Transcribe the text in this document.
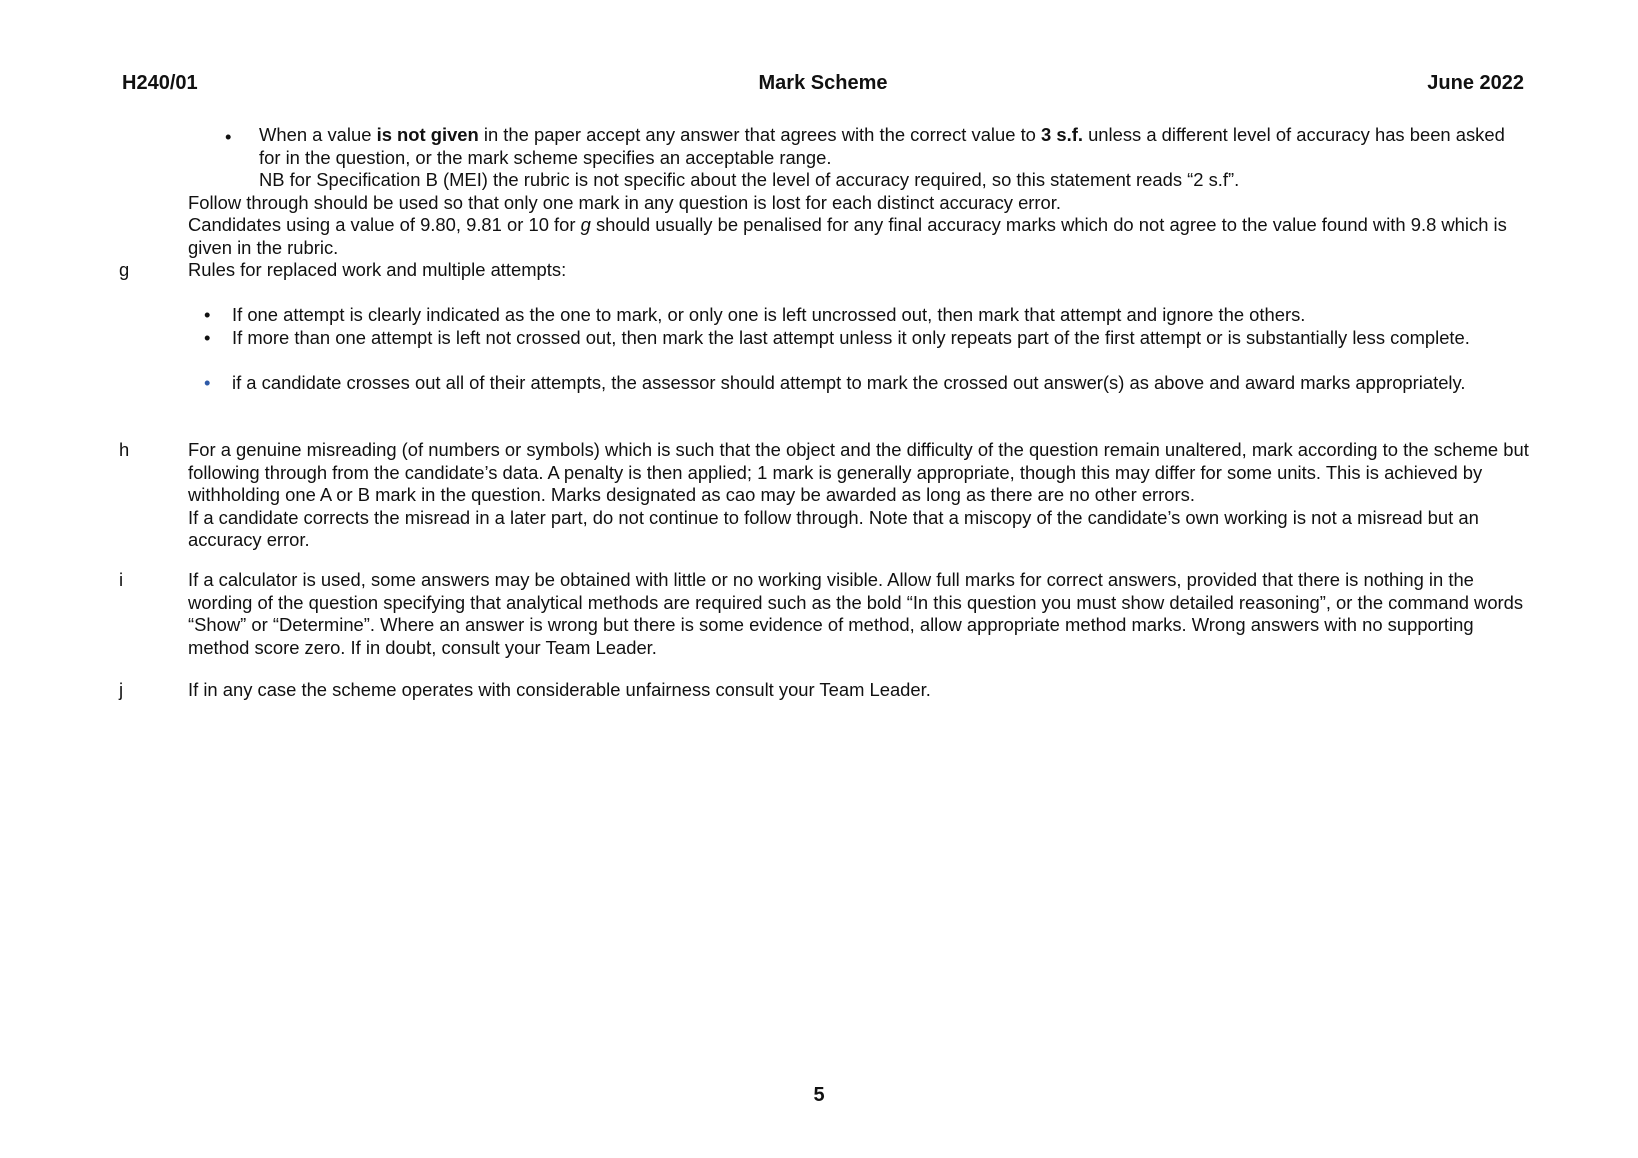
H240/01	Mark Scheme	June 2022
•	When a value is not given in the paper accept any answer that agrees with the correct value to 3 s.f. unless a different level of accuracy has been asked for in the question, or the mark scheme specifies an acceptable range.
NB for Specification B (MEI) the rubric is not specific about the level of accuracy required, so this statement reads “2 s.f”.
Follow through should be used so that only one mark in any question is lost for each distinct accuracy error.
Candidates using a value of 9.80, 9.81 or 10 for g should usually be penalised for any final accuracy marks which do not agree to the value found with 9.8 which is given in the rubric.
g	Rules for replaced work and multiple attempts:
•	If one attempt is clearly indicated as the one to mark, or only one is left uncrossed out, then mark that attempt and ignore the others.
•	If more than one attempt is left not crossed out, then mark the last attempt unless it only repeats part of the first attempt or is substantially less complete.
•	if a candidate crosses out all of their attempts, the assessor should attempt to mark the crossed out answer(s) as above and award marks appropriately.
h	For a genuine misreading (of numbers or symbols) which is such that the object and the difficulty of the question remain unaltered, mark according to the scheme but following through from the candidate’s data. A penalty is then applied; 1 mark is generally appropriate, though this may differ for some units. This is achieved by withholding one A or B mark in the question. Marks designated as cao may be awarded as long as there are no other errors.
If a candidate corrects the misread in a later part, do not continue to follow through. Note that a miscopy of the candidate’s own working is not a misread but an accuracy error.
i	If a calculator is used, some answers may be obtained with little or no working visible. Allow full marks for correct answers, provided that there is nothing in the wording of the question specifying that analytical methods are required such as the bold “In this question you must show detailed reasoning”, or the command words “Show” or “Determine”. Where an answer is wrong but there is some evidence of method, allow appropriate method marks. Wrong answers with no supporting method score zero. If in doubt, consult your Team Leader.
j	If in any case the scheme operates with considerable unfairness consult your Team Leader.
5
